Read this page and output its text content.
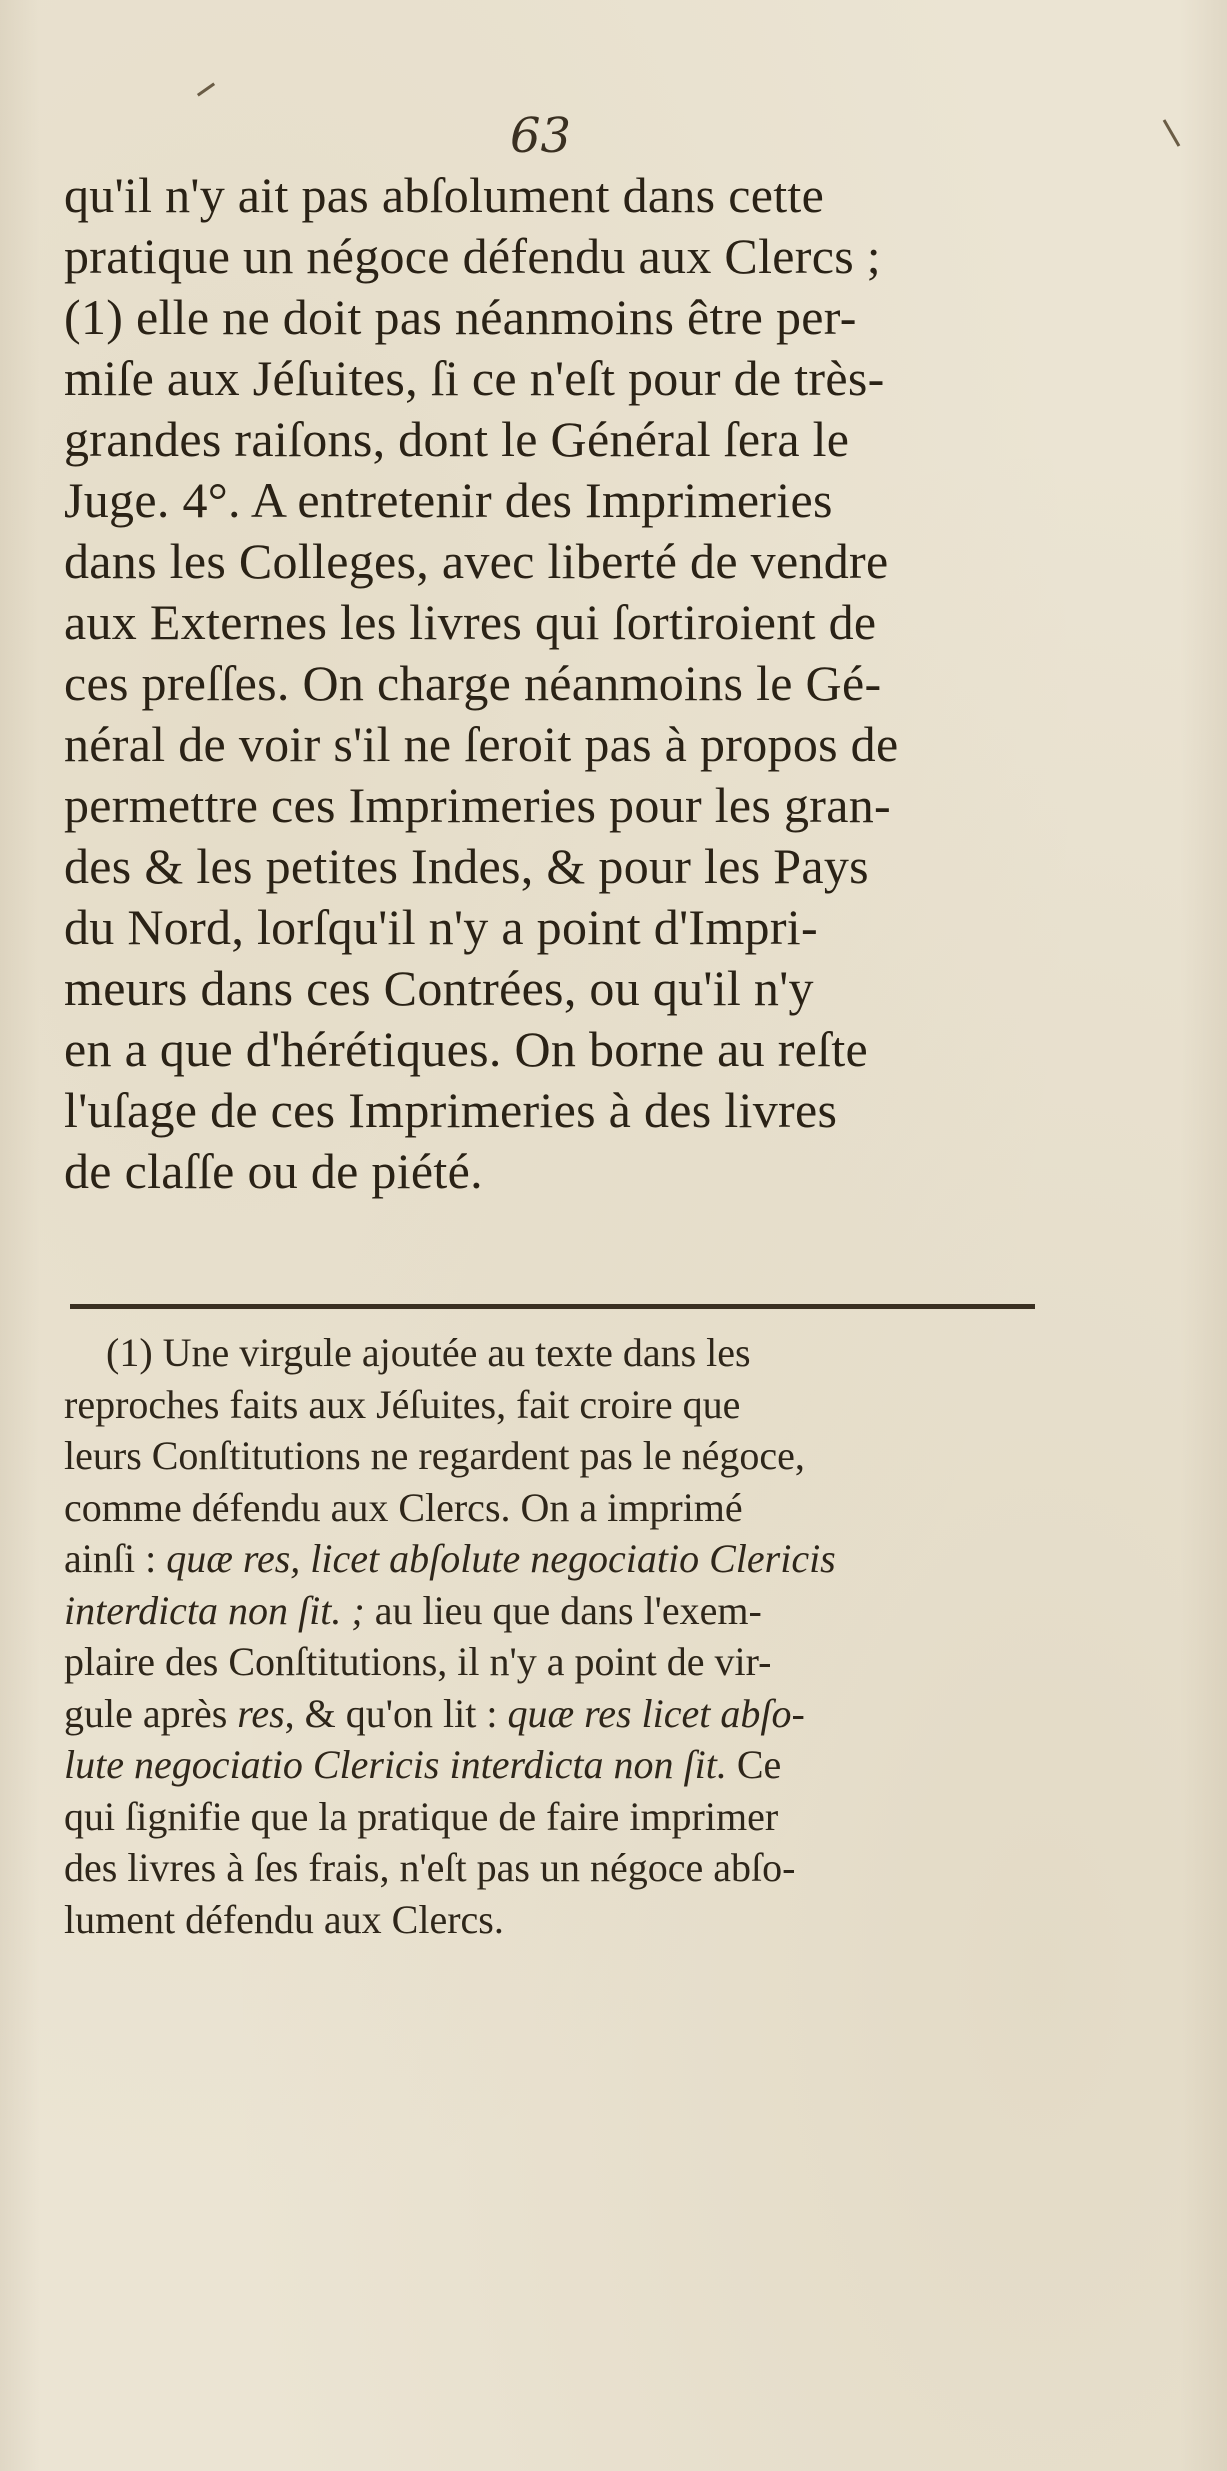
63
qu'il n'y ait pas abſolument dans cette
pratique un négoce défendu aux Clercs ;
(1) elle ne doit pas néanmoins être per-
miſe aux Jéſuites, ſi ce n'eſt pour de très-
grandes raiſons, dont le Général ſera le
Juge. 4°. A entretenir des Imprimeries
dans les Colleges, avec liberté de vendre
aux Externes les livres qui ſortiroient de
ces preſſes. On charge néanmoins le Gé-
néral de voir s'il ne ſeroit pas à propos de
permettre ces Imprimeries pour les gran-
des & les petites Indes, & pour les Pays
du Nord, lorſqu'il n'y a point d'Impri-
meurs dans ces Contrées, ou qu'il n'y
en a que d'hérétiques. On borne au reſte
l'uſage de ces Imprimeries à des livres
de claſſe ou de piété.
(1) Une virgule ajoutée au texte dans les
reproches faits aux Jéſuites, fait croire que
leurs Conſtitutions ne regardent pas le négoce,
comme défendu aux Clercs. On a imprimé
ainſi : quæ res, licet abſolute negociatio Clericis
interdicta non ſit. ; au lieu que dans l'exem-
plaire des Conſtitutions, il n'y a point de vir-
gule après res, & qu'on lit : quæ res licet abſo-
lute negociatio Clericis interdicta non ſit. Ce
qui ſignifie que la pratique de faire imprimer
des livres à ſes frais, n'eſt pas un négoce abſo-
lument défendu aux Clercs.
